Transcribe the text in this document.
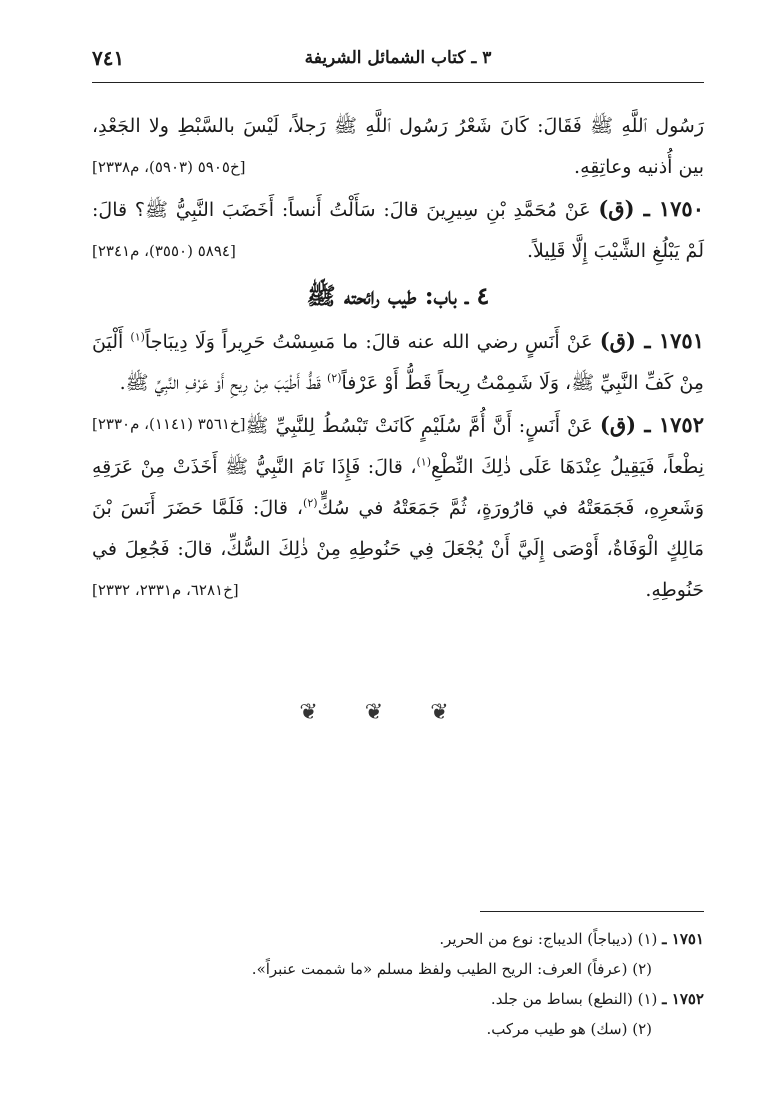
٧٤١	٣ ـ كتاب الشمائل الشريفة

رَسُول ٱللَّهِ ﷺ فَقَالَ: كَانَ شَعْرُ رَسُول ٱللَّهِ ﷺ رَجلاً، لَيْسَ بالسَّبْطِ ولا الجَعْدِ، بين أُذنيه وعاتِقِهِ.
[خ٥٩٠٥ (٥٩٠٣)، م٢٣٣٨]

١٧٥٠ ـ (ق) عَنْ مُحَمَّدِ بْنِ سِيرِينَ قالَ: سَأَلْتُ أَنساً: أَخَضَبَ النَّبِيُّ ﷺ؟ قالَ: لَمْ يَبْلُغِ الشَّيْبَ إِلَّا قَلِيلاً.
[٥٨٩٤ (٣٥٥٠)، م٢٣٤١]

٤ ـ باب: طيب رائحته ﷺ

١٧٥١ ـ (ق) عَنْ أَنَسٍ رضي الله عنه قالَ: ما مَسِسْتُ حَرِيراً وَلَا دِيبَاجاً$^{(١)}$ أَلْيَنَ مِنْ كَفِّ النَّبِيِّ ﷺ، وَلَا شَمِمْتُ رِيحاً قَطُّ أَوْ عَرْفاً$^{(٢)}$ قَطُّ أَطْيَبَ مِنْ رِيحِ أَوْ عَرْفِ النَّبِيِّ ﷺ.
[خ٣٥٦١ (١١٤١)، م٢٣٣٠]	١٧٥٢ ـ (ق) عَنْ أَنَسٍ: أَنَّ أُمَّ سُلَيْمٍ كَانَتْ تَبْسُطُ لِلنَّبِيِّ ﷺ نِطْعاً، فَيَقِيلُ عِنْدَهَا عَلَى ذٰلِكَ النِّطْعِ$^{(١)}$، قالَ: فَإِذَا نَامَ النَّبِيُّ ﷺ أَخَذَتْ مِنْ عَرَقِهِ وَشَعرِهِ، فَجَمَعَتْهُ في قارُورَةٍ، ثُمَّ جَمَعَتْهُ في سُكٍّ$^{(٢)}$، قالَ: فَلَمَّا حَضَرَ أَنَسَ بْنَ مَالِكٍ الْوَفَاةُ، أَوْصَى إِلَيَّ أَنْ يُجْعَلَ فِي حَنُوطِهِ مِنْ ذٰلِكَ السُّكِّ، قالَ: فَجُعِلَ في حَنُوطِهِ.
[خ٦٢٨١، م٢٣٣١، ٢٣٣٢]

❦ ❦ ❦

١٧٥١ ـ (١) (ديباجاً) الديباج: نوع من الحرير.

(٢) (عرفاً) العرف: الريح الطيب ولفظ مسلم «ما شممت عنبراً».

١٧٥٢ ـ (١) (النطع) بساط من جلد.

(٢) (سك) هو طيب مركب.
